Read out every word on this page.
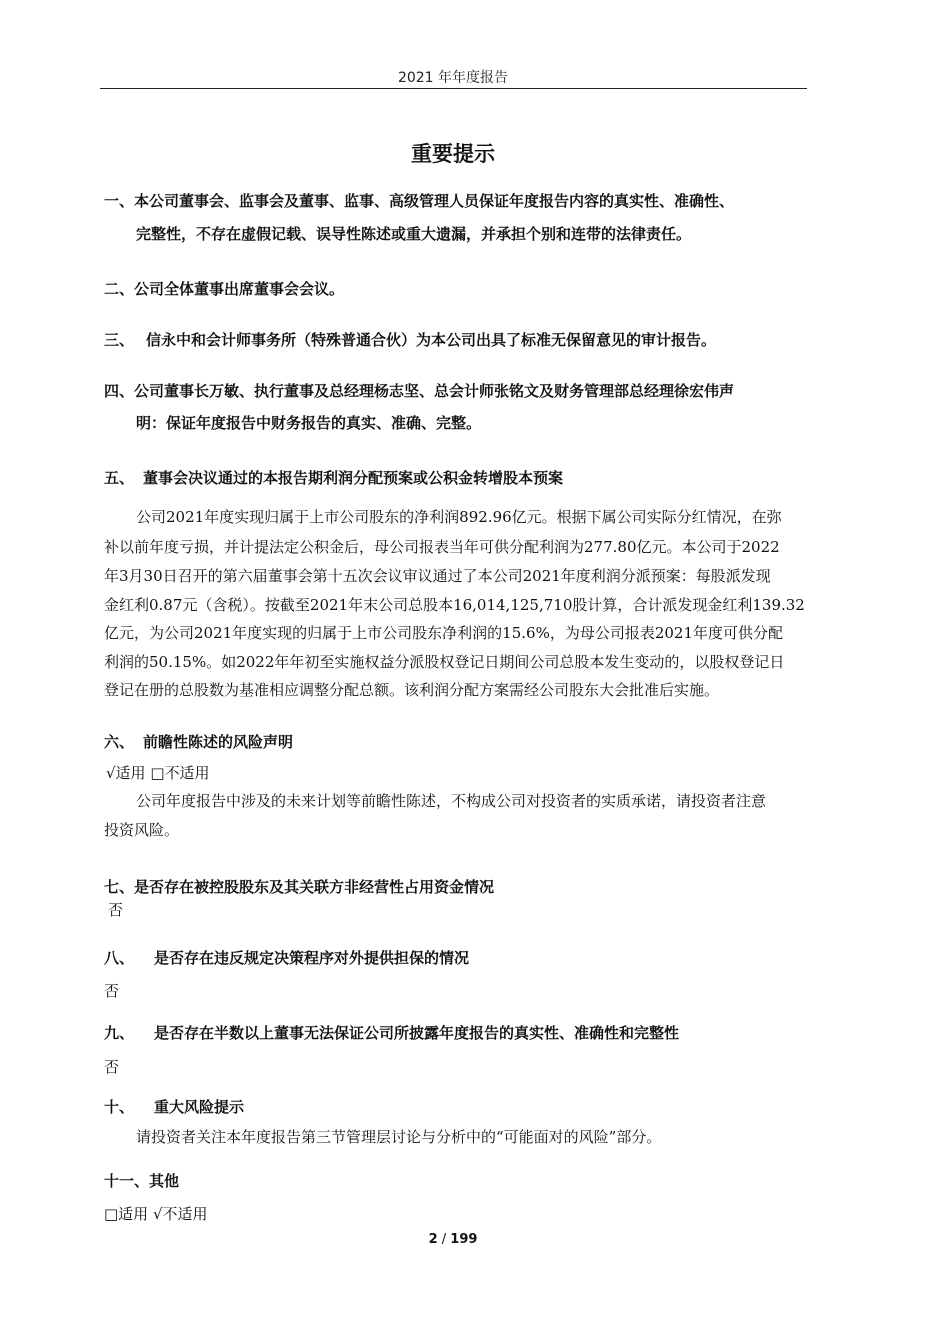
2021 年年度报告
重要提示
一、本公司董事会、监事会及董事、监事、高级管理人员保证年度报告内容的真实性、准确性、
完整性，不存在虚假记载、误导性陈述或重大遗漏，并承担个别和连带的法律责任。
二、公司全体董事出席董事会会议。
三、 信永中和会计师事务所（特殊普通合伙）为本公司出具了标准无保留意见的审计报告。
四、公司董事长万敏、执行董事及总经理杨志坚、总会计师张铭文及财务管理部总经理徐宏伟声
明：保证年度报告中财务报告的真实、准确、完整。
五、 董事会决议通过的本报告期利润分配预案或公积金转增股本预案
公司2021年度实现归属于上市公司股东的净利润892.96亿元。根据下属公司实际分红情况，在弥
补以前年度亏损，并计提法定公积金后，母公司报表当年可供分配利润为277.80亿元。本公司于2022
年3月30日召开的第六届董事会第十五次会议审议通过了本公司2021年度利润分派预案：每股派发现
金红利0.87元（含税）。按截至2021年末公司总股本16,014,125,710股计算，合计派发现金红利139.32
亿元，为公司2021年度实现的归属于上市公司股东净利润的15.6%，为母公司报表2021年度可供分配
利润的50.15%。如2022年年初至实施权益分派股权登记日期间公司总股本发生变动的，以股权登记日
登记在册的总股数为基准相应调整分配总额。该利润分配方案需经公司股东大会批准后实施。
六、 前瞻性陈述的风险声明
√适用 □不适用
公司年度报告中涉及的未来计划等前瞻性陈述，不构成公司对投资者的实质承诺，请投资者注意
投资风险。
七、是否存在被控股股东及其关联方非经营性占用资金情况
否
八、 是否存在违反规定决策程序对外提供担保的情况
否
九、 是否存在半数以上董事无法保证公司所披露年度报告的真实性、准确性和完整性
否
十、 重大风险提示
请投资者关注本年度报告第三节管理层讨论与分析中的“可能面对的风险”部分。
十一、其他
□适用 √不适用
2 / 199
